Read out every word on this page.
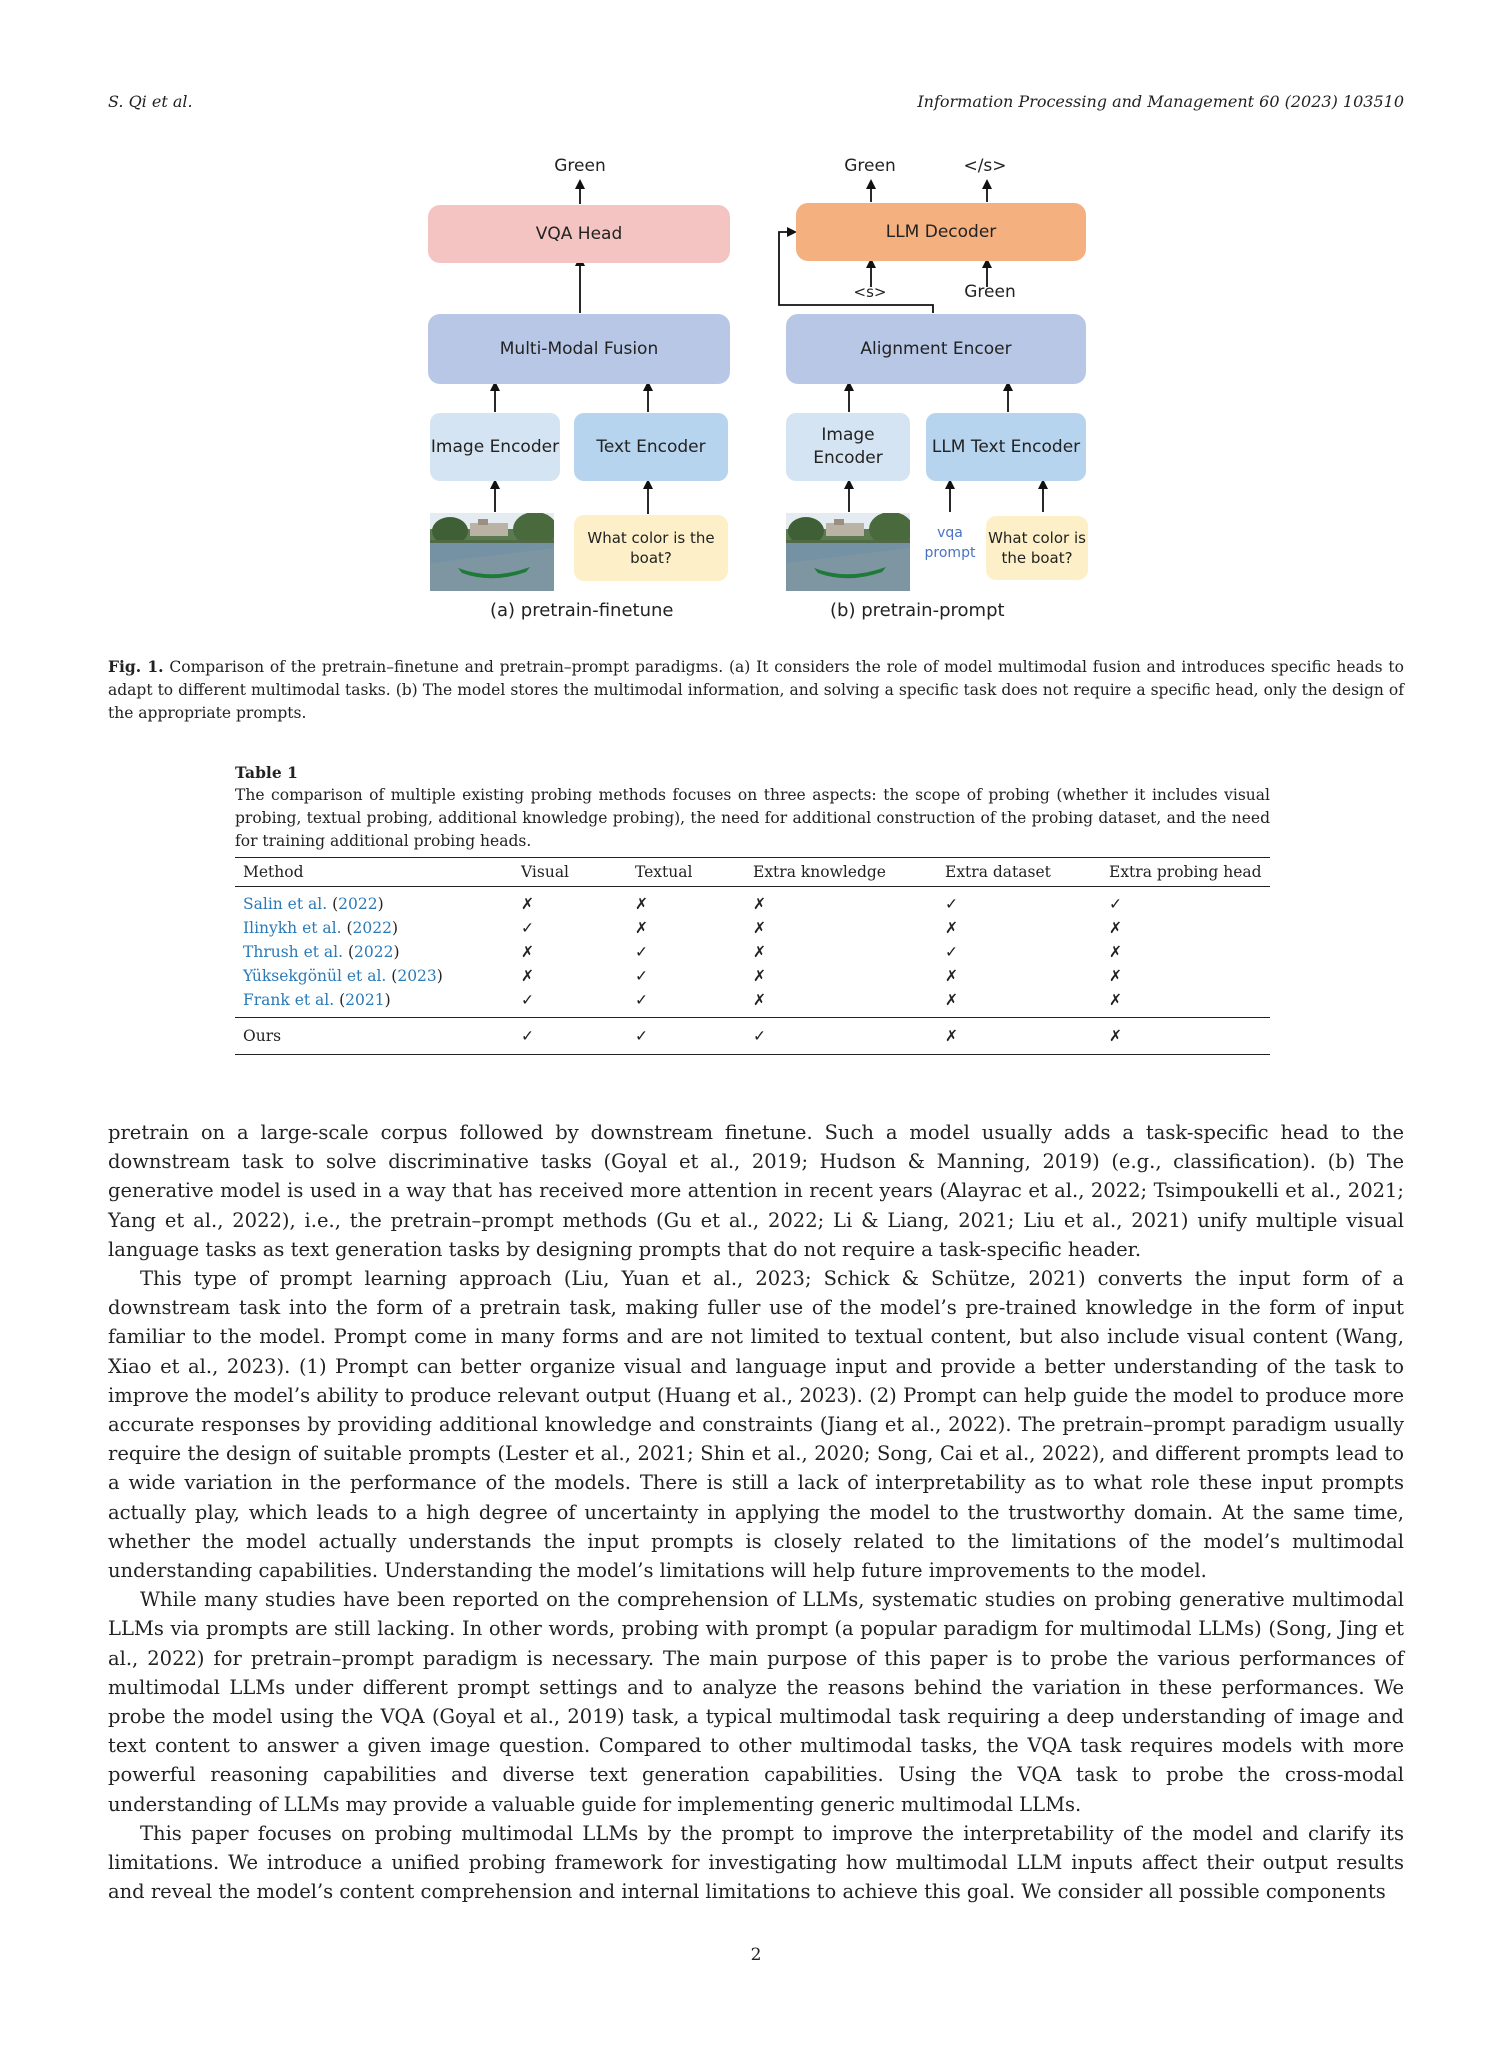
S. Qi et al.	Information Processing and Management 60 (2023) 103510
Green
VQA Head
Multi-Modal Fusion
Image Encoder	Text Encoder
What color is the boat?
(a) pretrain-finetune
Green	</s>
LLM Decoder
<s>	Green
Alignment Encoer
Image Encoder
LLM Text Encoder
vqa prompt
What color is the boat?
(b) pretrain-prompt
Fig. 1. Comparison of the pretrain–finetune and pretrain–prompt paradigms. (a) It considers the role of model multimodal fusion and introduces specific heads to adapt to different multimodal tasks. (b) The model stores the multimodal information, and solving a specific task does not require a specific head, only the design of the appropriate prompts.
Table 1
The comparison of multiple existing probing methods focuses on three aspects: the scope of probing (whether it includes visual probing, textual probing, additional knowledge probing), the need for additional construction of the probing dataset, and the need for training additional probing heads.
Method	Visual	Textual	Extra knowledge	Extra dataset	Extra probing head
Salin et al. (2022)	✗	✗	✗	✓	✓
Ilinykh et al. (2022)	✓	✗	✗	✗	✗
Thrush et al. (2022)	✗	✓	✗	✓	✗
Yüksekgönül et al. (2023)	✗	✓	✗	✗	✗
Frank et al. (2021)	✓	✓	✗	✗	✗
Ours	✓	✓	✓	✗	✗

pretrain on a large-scale corpus followed by downstream finetune. Such a model usually adds a task-specific head to the downstream task to solve discriminative tasks (Goyal et al., 2019; Hudson & Manning, 2019) (e.g., classification). (b) The generative model is used in a way that has received more attention in recent years (Alayrac et al., 2022; Tsimpoukelli et al., 2021; Yang et al., 2022), i.e., the pretrain–prompt methods (Gu et al., 2022; Li & Liang, 2021; Liu et al., 2021) unify multiple visual language tasks as text generation tasks by designing prompts that do not require a task-specific header.

This type of prompt learning approach (Liu, Yuan et al., 2023; Schick & Schütze, 2021) converts the input form of a downstream task into the form of a pretrain task, making fuller use of the model’s pre-trained knowledge in the form of input familiar to the model. Prompt come in many forms and are not limited to textual content, but also include visual content (Wang, Xiao et al., 2023). (1) Prompt can better organize visual and language input and provide a better understanding of the task to improve the model’s ability to produce relevant output (Huang et al., 2023). (2) Prompt can help guide the model to produce more accurate responses by providing additional knowledge and constraints (Jiang et al., 2022). The pretrain–prompt paradigm usually require the design of suitable prompts (Lester et al., 2021; Shin et al., 2020; Song, Cai et al., 2022), and different prompts lead to a wide variation in the performance of the models. There is still a lack of interpretability as to what role these input prompts actually play, which leads to a high degree of uncertainty in applying the model to the trustworthy domain. At the same time, whether the model actually understands the input prompts is closely related to the limitations of the model’s multimodal understanding capabilities. Understanding the model’s limitations will help future improvements to the model.

While many studies have been reported on the comprehension of LLMs, systematic studies on probing generative multimodal LLMs via prompts are still lacking. In other words, probing with prompt (a popular paradigm for multimodal LLMs) (Song, Jing et al., 2022) for pretrain–prompt paradigm is necessary. The main purpose of this paper is to probe the various performances of multimodal LLMs under different prompt settings and to analyze the reasons behind the variation in these performances. We probe the model using the VQA (Goyal et al., 2019) task, a typical multimodal task requiring a deep understanding of image and text content to answer a given image question. Compared to other multimodal tasks, the VQA task requires models with more powerful reasoning capabilities and diverse text generation capabilities. Using the VQA task to probe the cross-modal understanding of LLMs may provide a valuable guide for implementing generic multimodal LLMs.

This paper focuses on probing multimodal LLMs by the prompt to improve the interpretability of the model and clarify its limitations. We introduce a unified probing framework for investigating how multimodal LLM inputs affect their output results and reveal the model’s content comprehension and internal limitations to achieve this goal. We consider all possible components

2
